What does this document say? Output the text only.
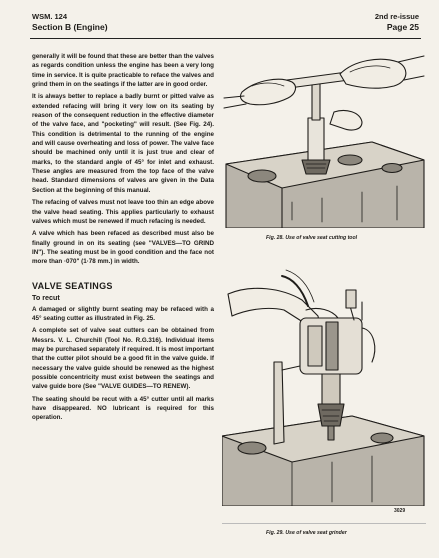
WSM. 124
Section B (Engine)
2nd re-issue
Page 25

generally it will be found that these are better than the valves as regards condition unless the engine has been a very long time in service. It is quite practicable to reface the valves and grind them in on the seatings if the latter are in good order.

It is always better to replace a badly burnt or pitted valve as extended refacing will bring it very low on its seating by reason of the consequent reduction in the effective diameter of the valve face, and "pocketing" will result. (See Fig. 24). This condition is detrimental to the running of the engine and will cause overheating and loss of power. The valve face should be machined only until it is just true and clear of marks, to the standard angle of 45° for inlet and exhaust. These angles are measured from the top face of the valve head. Standard dimensions of valves are given in the Data Section at the beginning of this manual.

The refacing of valves must not leave too thin an edge above the valve head seating. This applies particularly to exhaust valves which must be renewed if much refacing is needed.

A valve which has been refaced as described must also be finally ground in on its seating (see "VALVES—TO GRIND IN"). The seating must be in good condition and the face not more than ·070" (1·78 mm.) in width.

VALVE SEATINGS
To recut

A damaged or slightly burnt seating may be refaced with a 45° seating cutter as illustrated in Fig. 25.

A complete set of valve seat cutters can be obtained from Messrs. V. L. Churchill (Tool No. R.G.316). Individual items may be purchased separately if required. It is most important that the cutter pilot should be a good fit in the valve guide. If necessary the valve guide should be renewed as the highest possible concentricity must exist between the seatings and valve guide bore (See "VALVE GUIDES—TO RENEW).

The seating should be recut with a 45° cutter until all marks have disappeared. NO lubricant is required for this operation.

Fig. 28. Use of valve seat cutting tool
3029
Fig. 29. Use of valve seat grinder
